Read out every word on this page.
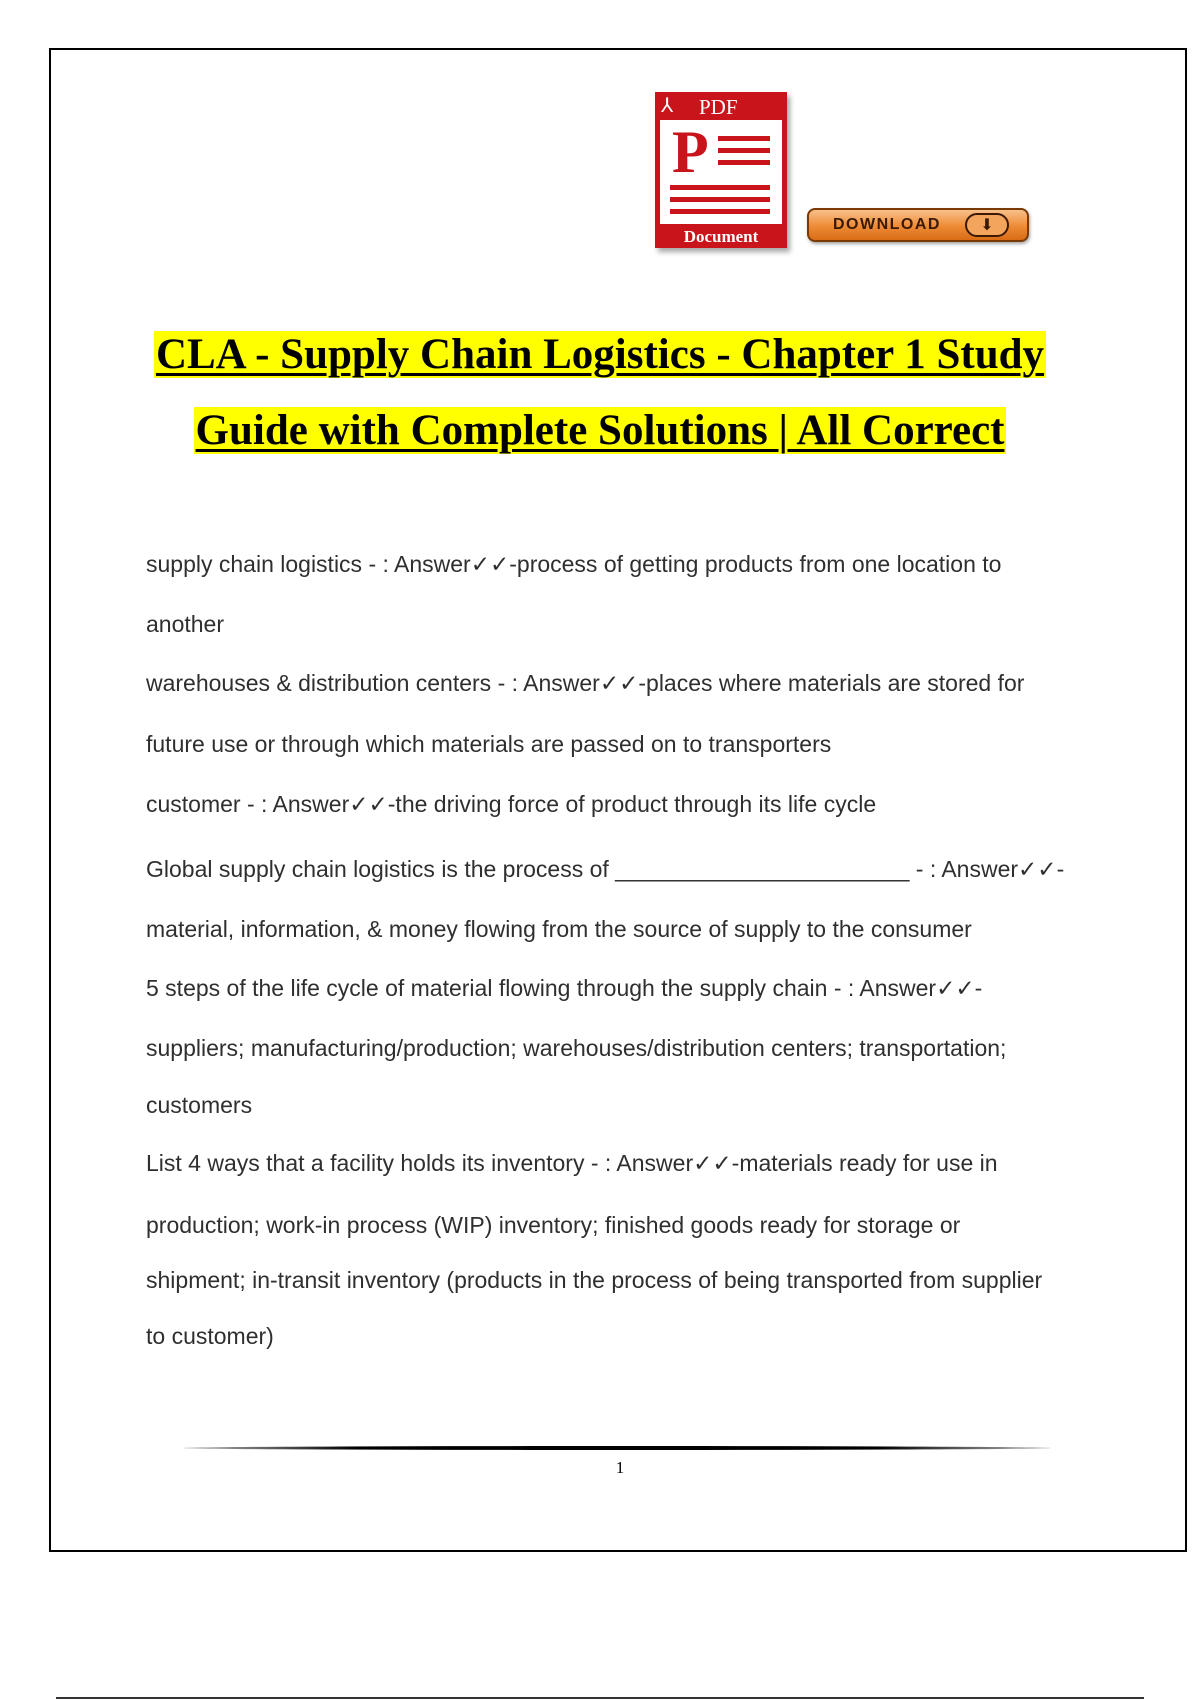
⅄ PDF
P
Document
DOWNLOAD	⬇
CLA - Supply Chain Logistics - Chapter 1 Study
Guide with Complete Solutions | All Correct
supply chain logistics - : Answer✓✓-process of getting products from one location to
another
warehouses & distribution centers - : Answer✓✓-places where materials are stored for
future use or through which materials are passed on to transporters
customer - : Answer✓✓-the driving force of product through its life cycle
Global supply chain logistics is the process of _______________________ - : Answer✓✓-
material, information, & money flowing from the source of supply to the consumer
5 steps of the life cycle of material flowing through the supply chain - : Answer✓✓-
suppliers; manufacturing/production; warehouses/distribution centers; transportation;
customers
List 4 ways that a facility holds its inventory - : Answer✓✓-materials ready for use in
production; work-in process (WIP) inventory; finished goods ready for storage or
shipment; in-transit inventory (products in the process of being transported from supplier
to customer)
1
